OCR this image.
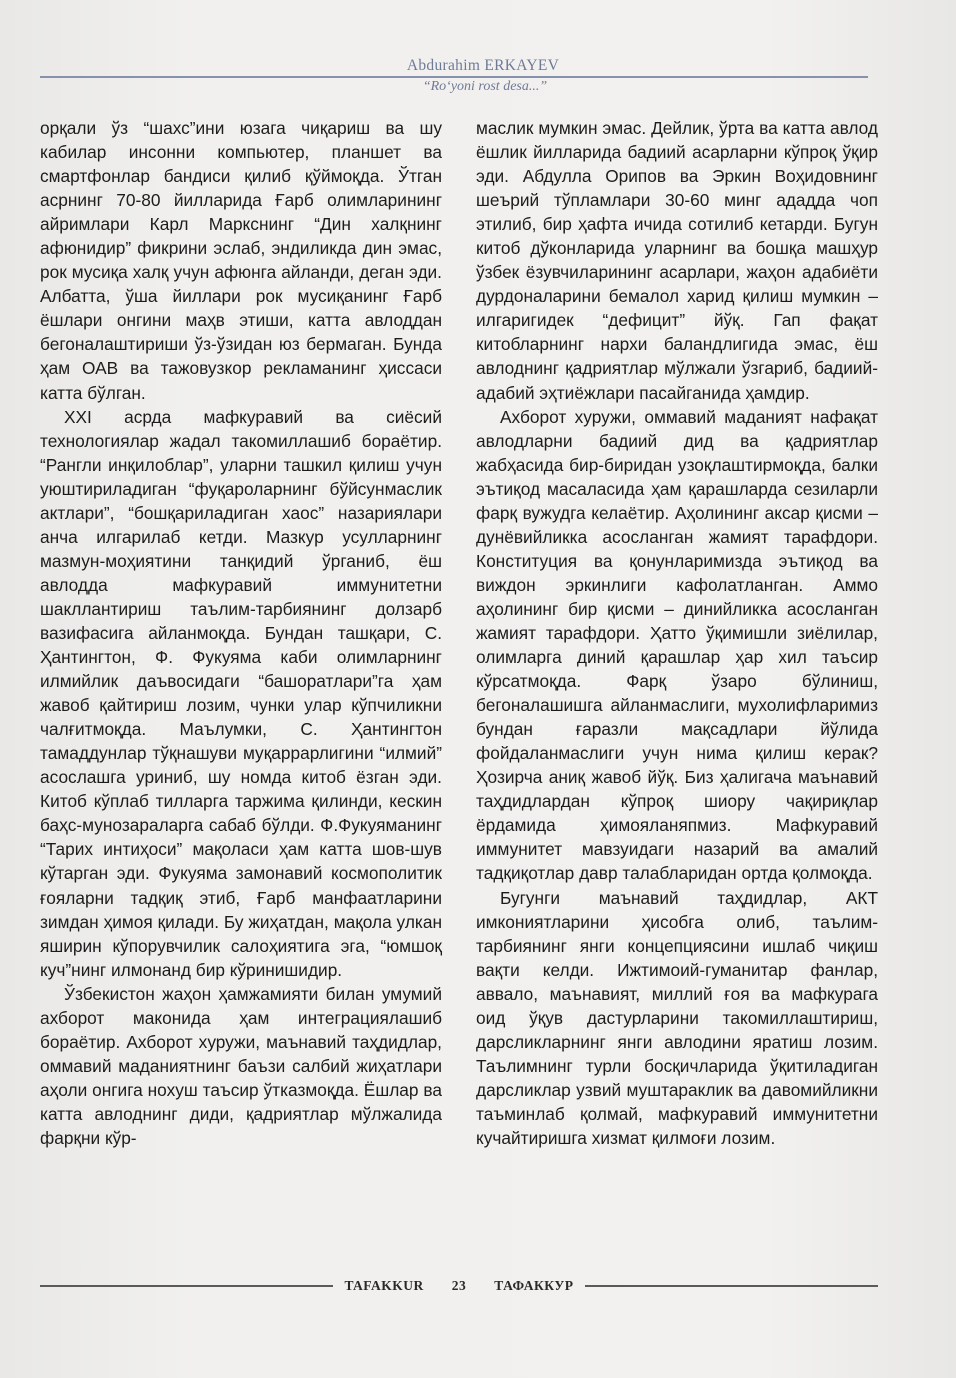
Abdurahim ERKAYEV
“Ro‘yoni rost desa...”

орқали ўз “шахс”ини юзага чиқариш ва шу кабилар инсонни компьютер, планшет ва смартфонлар бандиси қилиб қўймоқда. Ўтган асрнинг 70-80 йилларида Ғарб олимларининг айримлари Карл Маркснинг “Дин халқнинг афюнидир” фикрини эслаб, эндиликда дин эмас, рок мусиқа халқ учун афюнга айланди, деган эди. Албатта, ўша йиллари рок мусиқанинг Ғарб ёшлари онгини маҳв этиши, катта авлоддан бегоналаштириши ўз-ўзидан юз бермаган. Бунда ҳам ОАВ ва тажовузкор рекламанинг ҳиссаси катта бўлган.

XXI асрда мафкуравий ва сиёсий технологиялар жадал такомиллашиб бораётир. “Рангли инқилоблар”, уларни ташкил қилиш учун уюштириладиган “фуқароларнинг бўйсунмаслик актлари”, “бошқариладиган хаос” назариялари анча илгарилаб кетди. Мазкур усулларнинг мазмун-моҳиятини танқидий ўрганиб, ёш авлодда мафкуравий иммунитетни шакллантириш таълим-тарбиянинг долзарб вазифасига айланмоқда. Бундан ташқари, С. Ҳантингтон, Ф. Фукуяма каби олимларнинг илмийлик даъвосидаги “башоратлари”га ҳам жавоб қайтириш лозим, чунки улар кўпчиликни чалғитмоқда. Маълумки, С. Ҳантингтон тамаддунлар тўқнашуви муқаррарлигини “илмий” асослашга уриниб, шу номда китоб ёзган эди. Китоб кўплаб тилларга таржима қилинди, кескин баҳс-мунозараларга сабаб бўлди. Ф.Фукуяманинг “Тарих интиҳоси” мақоласи ҳам катта шов-шув кўтарган эди. Фукуяма замонавий космополитик ғояларни тадқиқ этиб, Ғарб манфаатларини зимдан ҳимоя қилади. Бу жиҳатдан, мақола улкан яширин кўпорувчилик салоҳиятига эга, “юмшоқ куч”нинг илмонанд бир кўринишидир.

Ўзбекистон жаҳон ҳамжамияти билан умумий ахборот маконида ҳам интеграциялашиб бораётир. Ахборот хуружи, маънавий таҳдидлар, оммавий маданиятнинг баъзи салбий жиҳатлари аҳоли онгига нохуш таъсир ўтказмоқда. Ёшлар ва катта авлоднинг диди, қадриятлар мўлжалида фарқни кўр-

маслик мумкин эмас. Дейлик, ўрта ва катта авлод ёшлик йилларида бадиий асарларни кўпроқ ўқир эди. Абдулла Орипов ва Эркин Воҳидовнинг шеърий тўпламлари 30-60 минг ададда чоп этилиб, бир ҳафта ичида сотилиб кетарди. Бугун китоб дўконларида уларнинг ва бошқа машҳур ўзбек ёзувчиларининг асарлари, жаҳон адабиёти дурдоналарини бемалол харид қилиш мумкин – илгаригидек “дефицит” йўқ. Гап фақат китобларнинг нархи баландлигида эмас, ёш авлоднинг қадриятлар мўлжали ўзгариб, бадиий-адабий эҳтиёжлари пасайганида ҳамдир.

Ахборот хуружи, оммавий маданият нафақат авлодларни бадиий дид ва қадриятлар жабҳасида бир-биридан узоқлаштирмоқда, балки эътиқод масаласида ҳам қарашларда сезиларли фарқ вужудга келаётир. Аҳолининг аксар қисми – дунёвийликка асосланган жамият тарафдори. Конституция ва қонунларимизда эътиқод ва виждон эркинлиги кафолатланган. Аммо аҳолининг бир қисми – динийликка асосланган жамият тарафдори. Ҳатто ўқимишли зиёлилар, олимларга диний қарашлар ҳар хил таъсир кўрсатмоқда. Фарқ ўзаро бўлиниш, бегоналашишга айланмаслиги, мухолифларимиз бундан ғаразли мақсадлари йўлида фойдаланмаслиги учун нима қилиш керак? Ҳозирча аниқ жавоб йўқ. Биз ҳалигача маънавий таҳдидлардан кўпроқ шиору чақириқлар ёрдамида ҳимояланяпмиз. Мафкуравий иммунитет мавзуидаги назарий ва амалий тадқиқотлар давр талабларидан ортда қолмоқда.

Бугунги маънавий таҳдидлар, АКТ имкониятларини ҳисобга олиб, таълим-тарбиянинг янги концепциясини ишлаб чиқиш вақти келди. Ижтимоий-гуманитар фанлар, аввало, маънавият, миллий ғоя ва мафкурага оид ўқув дастурларини такомиллаштириш, дарсликларнинг янги авлодини яратиш лозим. Таълимнинг турли босқичларида ўқитиладиган дарсликлар узвий муштараклик ва давомийликни таъминлаб қолмай, мафкуравий иммунитетни кучайтиришга хизмат қилмоғи лозим.

TAFAKKUR	23	ТАФАККУР
